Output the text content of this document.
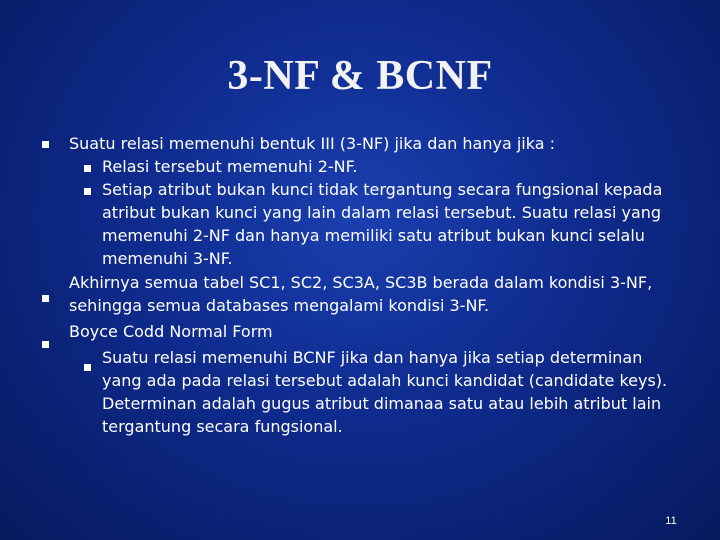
3-NF & BCNF
Suatu relasi memenuhi bentuk III (3-NF) jika dan hanya jika :
Relasi tersebut memenuhi 2-NF.
Setiap atribut bukan kunci tidak tergantung secara fungsional kepada atribut bukan kunci yang lain dalam relasi tersebut. Suatu relasi yang memenuhi 2-NF dan hanya memiliki satu atribut bukan kunci selalu memenuhi 3-NF.
Akhirnya semua tabel SC1, SC2, SC3A, SC3B berada dalam kondisi 3-NF, sehingga semua databases mengalami kondisi 3-NF.
Boyce Codd Normal Form
Suatu relasi memenuhi BCNF jika dan hanya jika setiap determinan yang ada pada relasi tersebut adalah kunci kandidat (candidate keys). Determinan adalah gugus atribut dimanaa satu atau lebih atribut lain tergantung secara fungsional.
11
